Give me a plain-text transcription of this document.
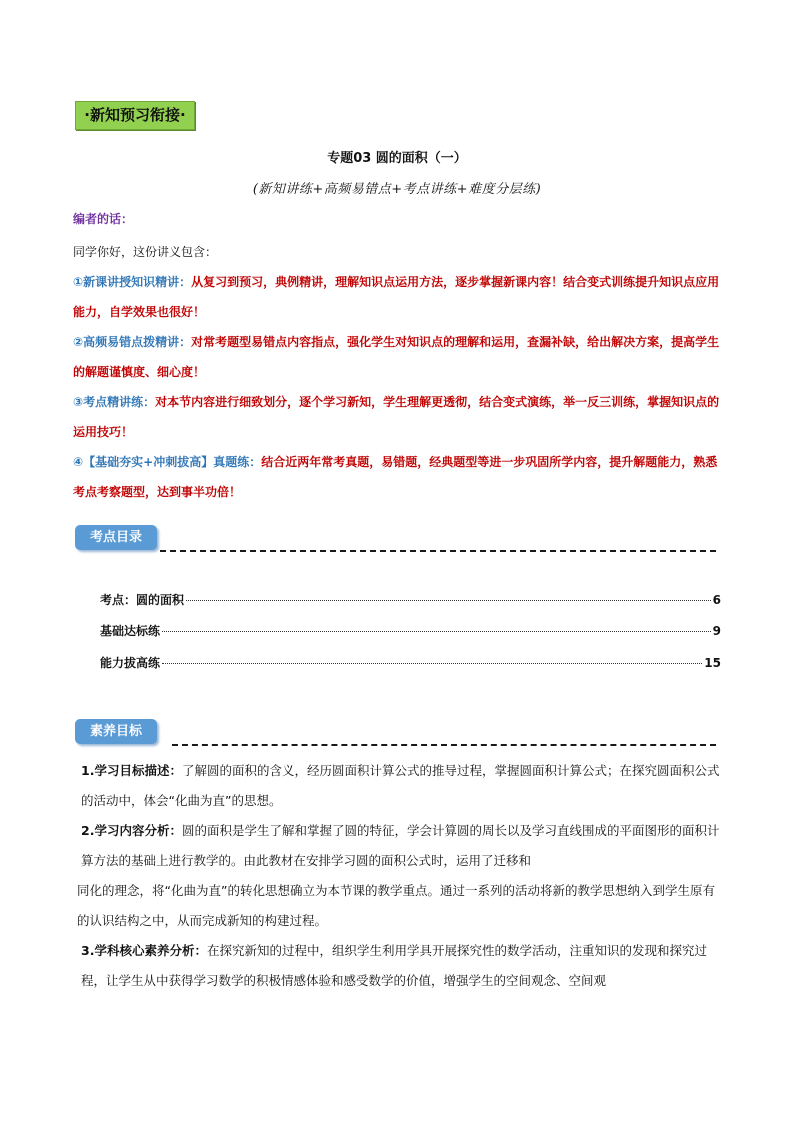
·新知预习衔接·
专题03 圆的面积（一）
(新知讲练+高频易错点+考点讲练+难度分层练)
编者的话：
同学你好，这份讲义包含：
①新课讲授知识精讲：从复习到预习，典例精讲，理解知识点运用方法，逐步掌握新课内容！结合变式训练提升知识点应用能力，自学效果也很好！
②高频易错点拨精讲：对常考题型易错点内容指点，强化学生对知识点的理解和运用，查漏补缺，给出解决方案，提高学生的解题谨慎度、细心度！
③考点精讲练：对本节内容进行细致划分，逐个学习新知，学生理解更透彻，结合变式演练，举一反三训练，掌握知识点的运用技巧！
④【基础夯实+冲刺拔高】真题练：结合近两年常考真题，易错题，经典题型等进一步巩固所学内容，提升解题能力，熟悉考点考察题型，达到事半功倍！
考点目录
考点：圆的面积	6
基础达标练	9
能力拔高练	15
素养目标
1.学习目标描述：了解圆的面积的含义，经历圆面积计算公式的推导过程，掌握圆面积计算公式；在探究圆面积公式的活动中，体会“化曲为直”的思想。
2.学习内容分析：圆的面积是学生了解和掌握了圆的特征，学会计算圆的周长以及学习直线围成的平面图形的面积计算方法的基础上进行教学的。由此教材在安排学习圆的面积公式时，运用了迁移和
同化的理念，将“化曲为直”的转化思想确立为本节课的教学重点。通过一系列的活动将新的教学思想纳入到学生原有的认识结构之中，从而完成新知的构建过程。
3.学科核心素养分析：在探究新知的过程中，组织学生利用学具开展探究性的数学活动，注重知识的发现和探究过程，让学生从中获得学习数学的积极情感体验和感受数学的价值，增强学生的空间观念、空间观
